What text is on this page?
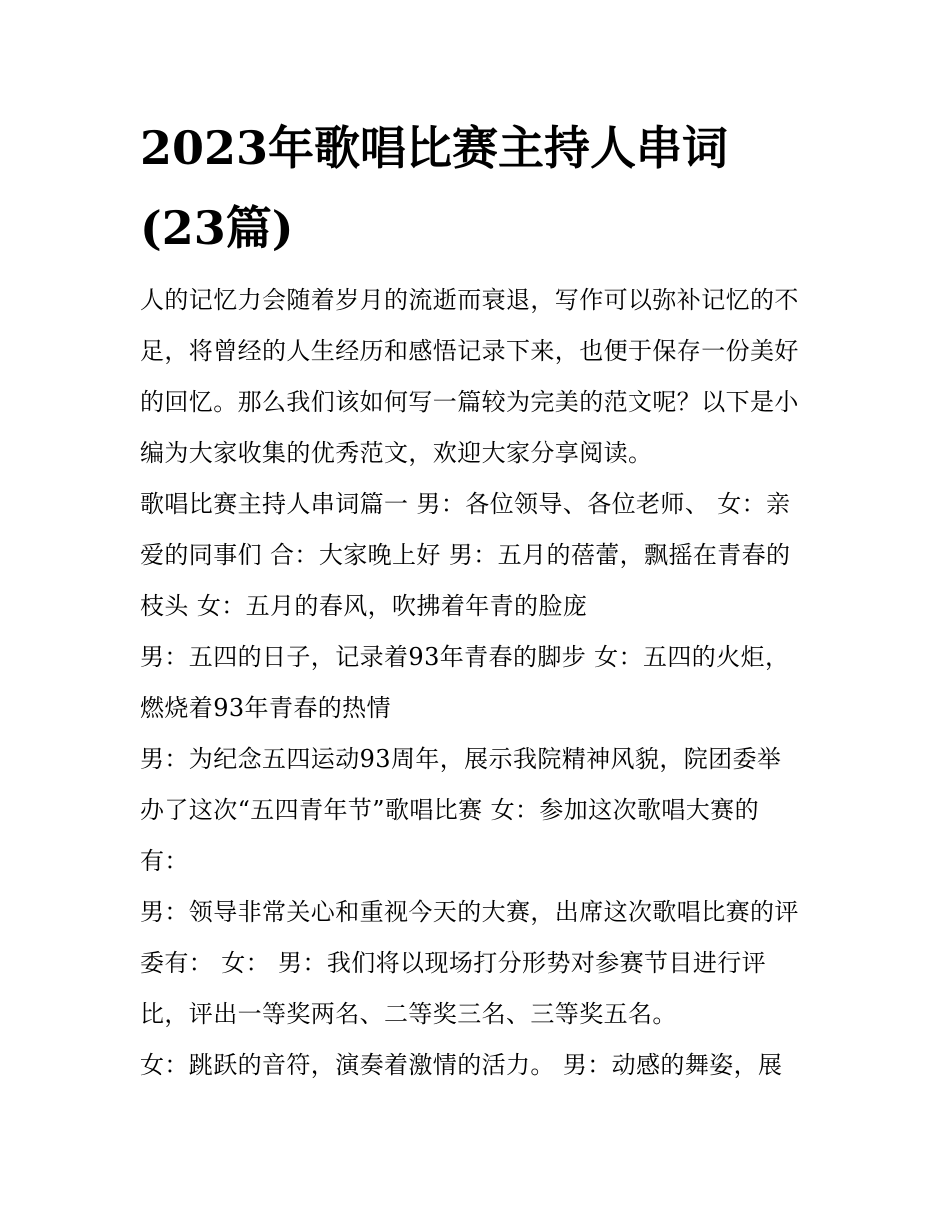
2023年歌唱比赛主持人串词
(23篇)
人的记忆力会随着岁月的流逝而衰退，写作可以弥补记忆的不
足，将曾经的人生经历和感悟记录下来，也便于保存一份美好
的回忆。那么我们该如何写一篇较为完美的范文呢？以下是小
编为大家收集的优秀范文，欢迎大家分享阅读。
歌唱比赛主持人串词篇一 男：各位领导、各位老师、 女：亲
爱的同事们 合：大家晚上好 男：五月的蓓蕾，飘摇在青春的
枝头 女：五月的春风，吹拂着年青的脸庞
男：五四的日子，记录着93年青春的脚步 女：五四的火炬，
燃烧着93年青春的热情
男：为纪念五四运动93周年，展示我院精神风貌，院团委举
办了这次“五四青年节”歌唱比赛 女：参加这次歌唱大赛的
有：
男：领导非常关心和重视今天的大赛，出席这次歌唱比赛的评
委有： 女： 男：我们将以现场打分形势对参赛节目进行评
比，评出一等奖两名、二等奖三名、三等奖五名。
女：跳跃的音符，演奏着激情的活力。 男：动感的舞姿，展
